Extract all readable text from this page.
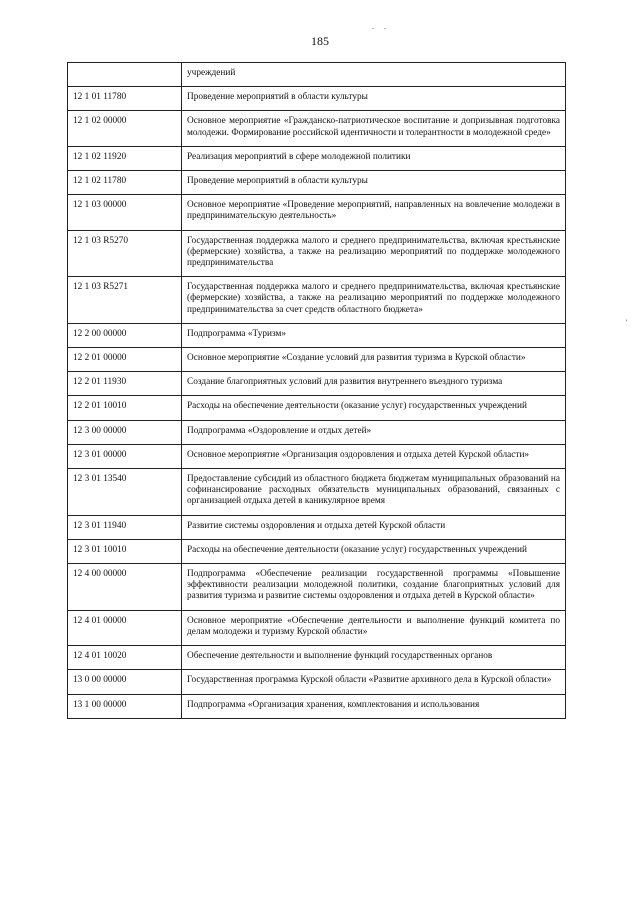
185
. .
'
	учреждений
12 1 01 11780	Проведение мероприятий в области культуры
12 1 02 00000	Основное мероприятие «Гражданско-патриотическое воспитание и допризывная подготовка молодежи. Формирование российской идентичности и толерантности в молодежной среде»
12 1 02 11920	Реализация мероприятий в сфере молодежной политики
12 1 02 11780	Проведение мероприятий в области культуры
12 1 03 00000	Основное мероприятие «Проведение мероприятий, направленных на вовлечение молодежи в предпринимательскую деятельность»
12 1 03 R5270	Государственная поддержка малого и среднего предпринимательства, включая крестьянские (фермерские) хозяйства, а также на реализацию мероприятий по поддержке молодежного предпринимательства
12 1 03 R5271	Государственная поддержка малого и среднего предпринимательства, включая крестьянские (фермерские) хозяйства, а также на реализацию мероприятий по поддержке молодежного предпринимательства за счет средств областного бюджета»
12 2 00 00000	Подпрограмма «Туризм»
12 2 01 00000	Основное мероприятие «Создание условий для развития туризма в Курской области»
12 2 01 11930	Создание благоприятных условий для развития внутреннего въездного туризма
12 2 01 10010	Расходы на обеспечение деятельности (оказание услуг) государственных учреждений
12 3 00 00000	Подпрограмма «Оздоровление и отдых детей»
12 3 01 00000	Основное мероприятие «Организация оздоровления и отдыха детей Курской области»
12 3 01 13540	Предоставление субсидий из областного бюджета бюджетам муниципальных образований на софинансирование расходных обязательств муниципальных образований, связанных с организацией отдыха детей в каникулярное время
12 3 01 11940	Развитие системы оздоровления и отдыха детей Курской области
12 3 01 10010	Расходы на обеспечение деятельности (оказание услуг) государственных учреждений
12 4 00 00000	Подпрограмма «Обеспечение реализации государственной программы «Повышение эффективности реализации молодежной политики, создание благоприятных условий для развития туризма и развитие системы оздоровления и отдыха детей в Курской области»
12 4 01 00000	Основное мероприятие «Обеспечение деятельности и выполнение функций комитета по делам молодежи и туризму Курской области»
12 4 01 10020	Обеспечение деятельности и выполнение функций государственных органов
13 0 00 00000	Государственная программа Курской области «Развитие архивного дела в Курской области»
13 1 00 00000	Подпрограмма «Организация хранения, комплектования и использования
